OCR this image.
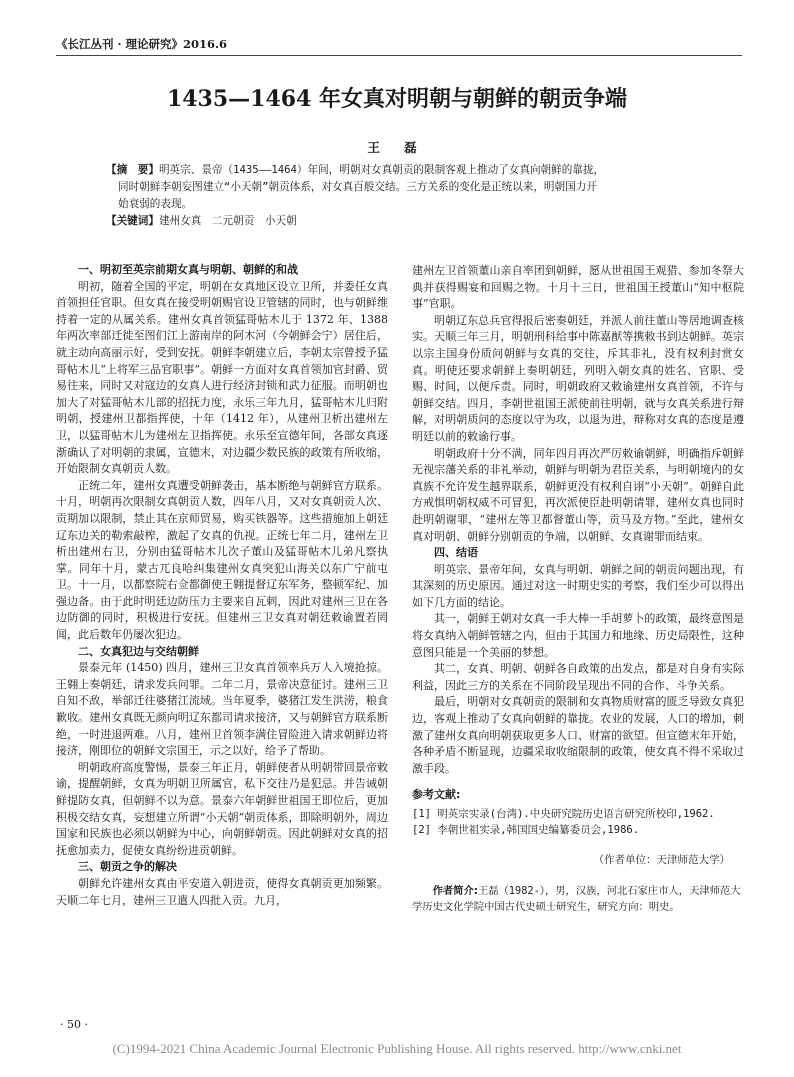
《长江丛刊 · 理论研究》2016.6
1435—1464 年女真对明朝与朝鲜的朝贡争端
王 磊
【摘　要】明英宗、景帝（1435——1464）年间，明朝对女真朝贡的限制客观上推动了女真向朝鲜的靠拢，
同时朝鲜李朝妄图建立“小天朝”朝贡体系，对女真百般交结。三方关系的变化是正统以来，明朝国力开
始衰弱的表现。
【关键词】建州女真　二元朝贡　小天朝
一、明初至英宗前期女真与明朝、朝鲜的和战

明初，随着全国的平定，明朝在女真地区设立卫所，并委任女真首领担任官职。但女真在接受明朝赐官设卫管辖的同时，也与朝鲜维持着一定的从属关系。建州女真首领猛哥帖木儿于 1372 年、1388 年两次率部迁徙至图们江上游南岸的阿木河（今朝鲜会宁）居住后，就主动向高丽示好，受到安抚。朝鲜李朝建立后，李朝太宗曾授予猛哥帖木儿“上将军三品官职事”。朝鲜一方面对女真首领加官封爵、贸易往来，同时又对寇边的女真人进行经济封锁和武力征服。而明朝也加大了对猛哥帖木儿部的招抚力度，永乐三年九月，猛哥帖木儿归附明朝，授建州卫都指挥使，十年（1412 年），从建州卫析出建州左卫，以猛哥帖木儿为建州左卫指挥使。永乐至宣德年间，各部女真逐渐确认了对明朝的隶属，宣德末，对边疆少数民族的政策有所收缩，开始限制女真朝贡人数。

正统二年，建州女真遭受朝鲜袭击，基本断绝与朝鲜官方联系。十月，明朝再次限制女真朝贡人数，四年八月，又对女真朝贡人次、贡期加以限制，禁止其在京师贸易，购买铁器等。这些措施加上朝廷辽东边关的勒索敲榨，激起了女真的仇视。正统七年二月，建州左卫析出建州右卫，分别由猛哥帖木儿次子董山及猛哥帖木儿弟凡察执掌。同年十月，蒙古兀良哈纠集建州女真突犯山海关以东广宁前屯卫。十一月，以都察院右佥都御使王翱提督辽东军务，整顿军纪、加强边备。由于此时明廷边防压力主要来自瓦剌，因此对建州三卫在各边防御的同时，积极进行安抚。但建州三卫女真对朝廷敕谕置若罔闻，此后数年仍屡次犯边。

二、女真犯边与交结朝鲜

景泰元年 (1450) 四月，建州三卫女真首领率兵万人入境抢掠。王翱上奏朝廷，请求发兵问罪。二年二月，景帝决意征讨。建州三卫自知不敌，举部迁往婆猪江流域。当年夏季，婆猪江发生洪涝，粮食歉收。建州女真既无颜向明辽东都司请求接济，又与朝鲜官方联系断绝，一时进退两难。八月，建州卫首领李满住冒险进入请求朝鲜边将接济，刚即位的朝鲜文宗国王，示之以好，给予了帮助。

明朝政府高度警惕，景泰三年正月，朝鲜使者从明朝带回景帝敕谕，提醒朝鲜，女真为明朝卫所属官，私下交往乃是犯忌。并告诫朝鲜提防女真，但朝鲜不以为意。景泰六年朝鲜世祖国王即位后，更加积极交结女真，妄想建立所谓“小天朝”朝贡体系，即除明朝外，周边国家和民族也必须以朝鲜为中心，向朝鲜朝贡。因此朝鲜对女真的招抚愈加卖力，促使女真纷纷进贡朝鲜。

三、朝贡之争的解决

朝鲜允许建州女真由平安道入朝进贡，使得女真朝贡更加频繁。天顺二年七月，建州三卫遣人四批入贡。九月，

建州左卫首领董山亲自率团到朝鲜，愿从世祖国王观猎、参加冬祭大典并获得赐宴和回赐之物。十月十三日，世祖国王授董山“知中枢院事”官职。

明朝辽东总兵官得报后密奏朝廷，并派人前往董山等居地调查核实。天顺三年三月，明朝刑科给事中陈嘉猷等携敕书到达朝鲜。英宗以宗主国身份质问朝鲜与女真的交往，斥其非礼，没有权利封赏女真。明使还要求朝鲜上奏明朝廷，列明入朝女真的姓名、官职、受赐、时间，以便斥责。同时，明朝政府又敕谕建州女真首领，不许与朝鲜交结。四月，李朝世祖国王派使前往明朝，就与女真关系进行辩解，对明朝质问的态度以守为攻，以退为进，辩称对女真的态度是遵明廷以前的敕谕行事。

明朝政府十分不满，同年四月再次严厉敕谕朝鲜，明确指斥朝鲜无视宗藩关系的非礼举动，朝鲜与明朝为君臣关系，与明朝境内的女真族不允许发生越界联系，朝鲜更没有权利自诩“小天朝”。朝鲜自此方戒惧明朝权威不可冒犯，再次派使臣赴明朝请罪，建州女真也同时赴明朝谢罪，“建州左等卫都督董山等，贡马及方物。”至此，建州女真对明朝、朝鲜分别朝贡的争端，以朝鲜、女真谢罪而结束。

四、结语

明英宗、景帝年间，女真与明朝、朝鲜之间的朝贡问题出现，有其深刻的历史原因。通过对这一时期史实的考察，我们至少可以得出如下几方面的结论。

其一，朝鲜王朝对女真一手大棒一手胡萝卜的政策，最终意图是将女真纳入朝鲜管辖之内，但由于其国力和地缘、历史局限性，这种意图只能是一个美丽的梦想。

其二，女真、明朝、朝鲜各自政策的出发点，都是对自身有实际利益，因此三方的关系在不同阶段呈现出不同的合作、斗争关系。

最后，明朝对女真朝贡的限制和女真物质财富的匮乏导致女真犯边，客观上推动了女真向朝鲜的靠拢。农业的发展，人口的增加，刺激了建州女真向明朝获取更多人口、财富的欲望。但宣德末年开始，各种矛盾不断显现，边疆采取收缩限制的政策，使女真不得不采取过激手段。

参考文献:

[1] 明英宗实录(台湾).中央研究院历史语言研究所校印,1962.

[2] 李朝世祖实录,韩国国史编纂委员会,1986.

（作者单位：天津师范大学）

作者简介:王磊（1982-），男，汉族，河北石家庄市人，天津师范大学历史文化学院中国古代史硕士研究生，研究方向：明史。

· 50 ·
(C)1994-2021 China Academic Journal Electronic Publishing House. All rights reserved. http://www.cnki.net
